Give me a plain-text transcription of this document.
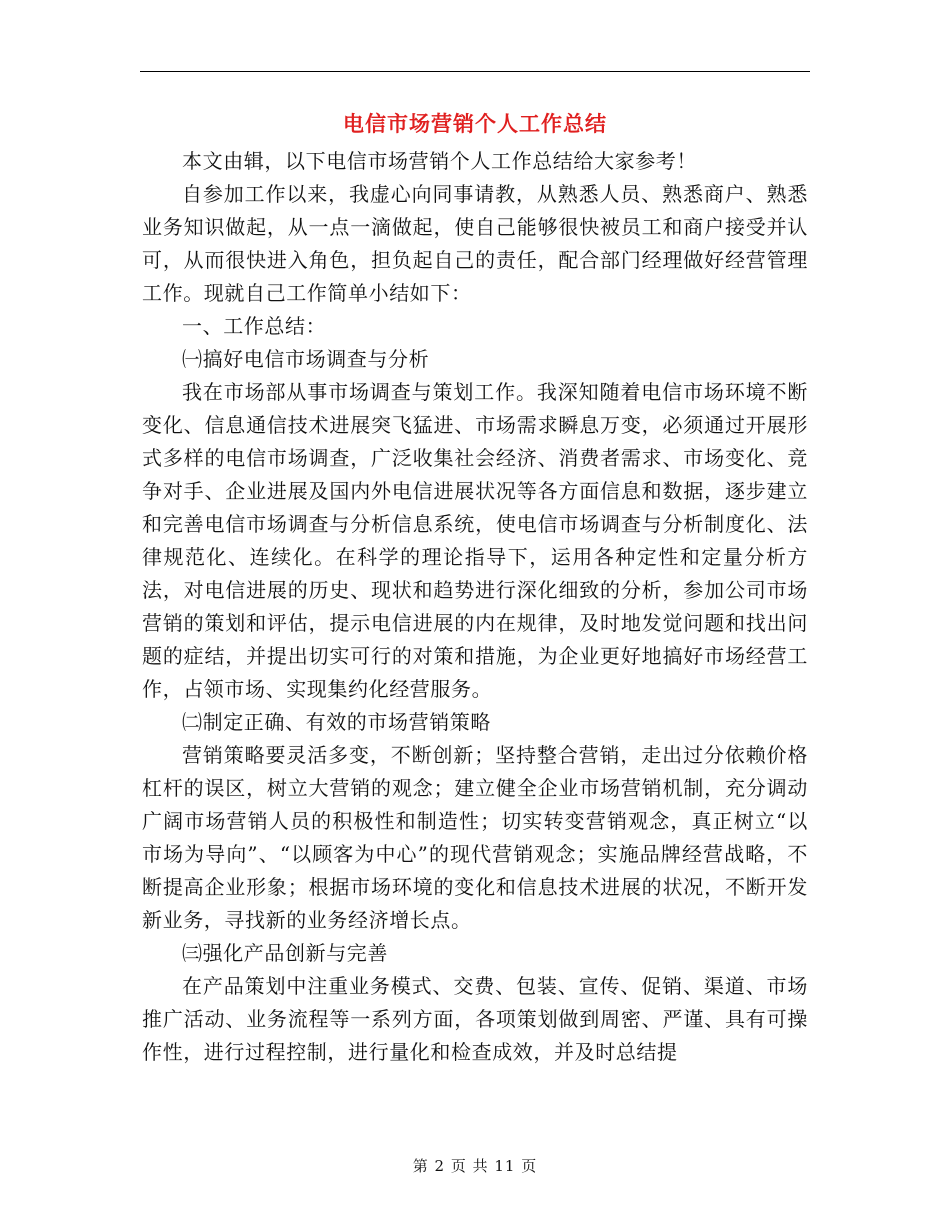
电信市场营销个人工作总结

本文由辑，以下电信市场营销个人工作总结给大家参考！

自参加工作以来，我虚心向同事请教，从熟悉人员、熟悉商户、熟悉业务知识做起，从一点一滴做起，使自己能够很快被员工和商户接受并认可，从而很快进入角色，担负起自己的责任，配合部门经理做好经营管理工作。现就自己工作简单小结如下：

一、工作总结：

㈠搞好电信市场调查与分析

我在市场部从事市场调查与策划工作。我深知随着电信市场环境不断变化、信息通信技术进展突飞猛进、市场需求瞬息万变，必须通过开展形式多样的电信市场调查，广泛收集社会经济、消费者需求、市场变化、竞争对手、企业进展及国内外电信进展状况等各方面信息和数据，逐步建立和完善电信市场调查与分析信息系统，使电信市场调查与分析制度化、法律规范化、连续化。在科学的理论指导下，运用各种定性和定量分析方法，对电信进展的历史、现状和趋势进行深化细致的分析，参加公司市场营销的策划和评估，提示电信进展的内在规律，及时地发觉问题和找出问题的症结，并提出切实可行的对策和措施，为企业更好地搞好市场经营工作，占领市场、实现集约化经营服务。

㈡制定正确、有效的市场营销策略

营销策略要灵活多变，不断创新；坚持整合营销，走出过分依赖价格杠杆的误区，树立大营销的观念；建立健全企业市场营销机制，充分调动广阔市场营销人员的积极性和制造性；切实转变营销观念，真正树立“以市场为导向”、“以顾客为中心”的现代营销观念；实施品牌经营战略，不断提高企业形象；根据市场环境的变化和信息技术进展的状况，不断开发新业务，寻找新的业务经济增长点。

㈢强化产品创新与完善

在产品策划中注重业务模式、交费、包装、宣传、促销、渠道、市场推广活动、业务流程等一系列方面，各项策划做到周密、严谨、具有可操作性，进行过程控制，进行量化和检查成效，并及时总结提

第 2 页 共 11 页
